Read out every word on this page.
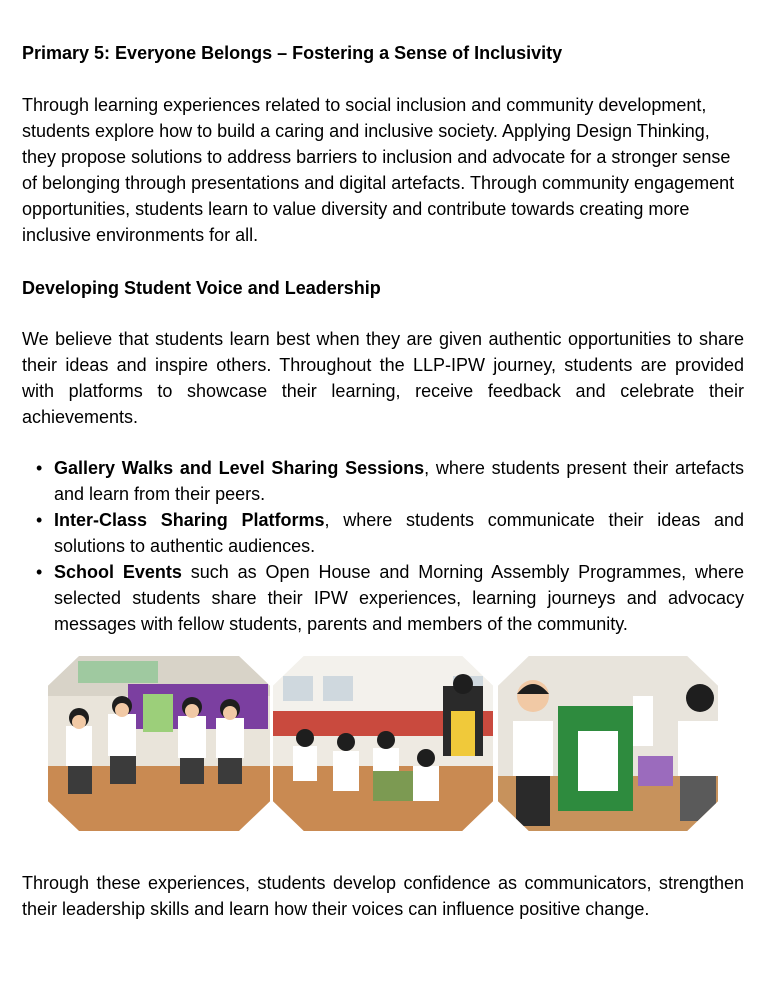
Primary 5: Everyone Belongs – Fostering a Sense of Inclusivity
Through learning experiences related to social inclusion and community development, students explore how to build a caring and inclusive society. Applying Design Thinking, they propose solutions to address barriers to inclusion and advocate for a stronger sense of belonging through presentations and digital artefacts. Through community engagement opportunities, students learn to value diversity and contribute towards creating more inclusive environments for all.
Developing Student Voice and Leadership
We believe that students learn best when they are given authentic opportunities to share their ideas and inspire others. Throughout the LLP-IPW journey, students are provided with platforms to showcase their learning, receive feedback and celebrate their achievements.
• Gallery Walks and Level Sharing Sessions, where students present their artefacts and learn from their peers.
• Inter-Class Sharing Platforms, where students communicate their ideas and solutions to authentic audiences.
• School Events such as Open House and Morning Assembly Programmes, where selected students share their IPW experiences, learning journeys and advocacy messages with fellow students, parents and members of the community.
Through these experiences, students develop confidence as communicators, strengthen their leadership skills and learn how their voices can influence positive change.
